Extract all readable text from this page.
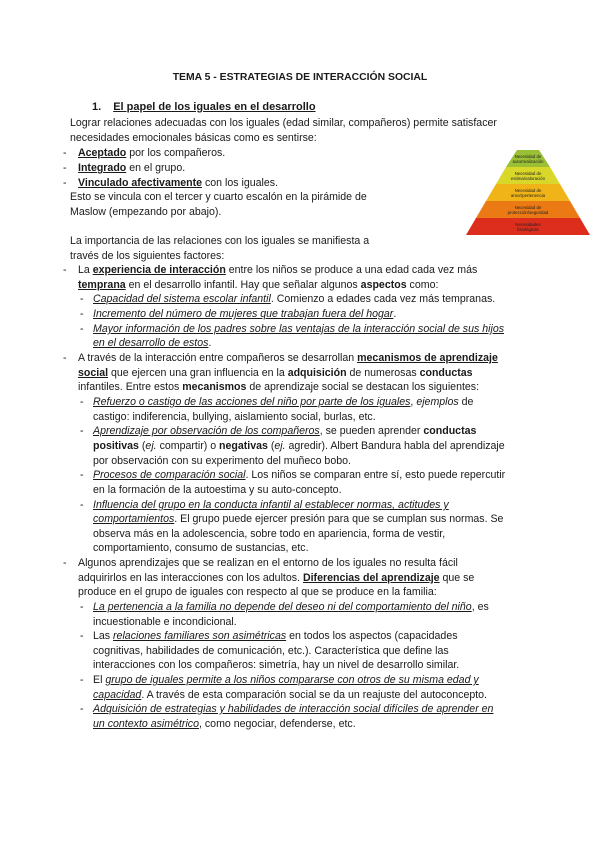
TEMA 5 - ESTRATEGIAS DE INTERACCIÓN SOCIAL
1. El papel de los iguales en el desarrollo
Lograr relaciones adecuadas con los iguales (edad similar, compañeros) permite satisfacer
necesidades emocionales básicas como es sentirse:
- Aceptado por los compañeros.
- Integrado en el grupo.
- Vinculado afectivamente con los iguales.
Esto se vincula con el tercer y cuarto escalón en la pirámide de
Maslow (empezando por abajo).
Necesidad de
autorrealización
Necesidad de
estima/valoración
Necesidad de
amor/pertenencia
Necesidad de
protección/seguridad
Necesidades
fisiológicas
La importancia de las relaciones con los iguales se manifiesta a
través de los siguientes factores:
- La experiencia de interacción entre los niños se produce a una edad cada vez más
temprana en el desarrollo infantil. Hay que señalar algunos aspectos como:
- Capacidad del sistema escolar infantil. Comienzo a edades cada vez más tempranas.
- Incremento del número de mujeres que trabajan fuera del hogar.
- Mayor información de los padres sobre las ventajas de la interacción social de sus hijos
en el desarrollo de estos.
- A través de la interacción entre compañeros se desarrollan mecanismos de aprendizaje
social que ejercen una gran influencia en la adquisición de numerosas conductas
infantiles. Entre estos mecanismos de aprendizaje social se destacan los siguientes:
- Refuerzo o castigo de las acciones del niño por parte de los iguales, ejemplos de
castigo: indiferencia, bullying, aislamiento social, burlas, etc.
- Aprendizaje por observación de los compañeros, se pueden aprender conductas
positivas (ej. compartir) o negativas (ej. agredir). Albert Bandura habla del aprendizaje
por observación con su experimento del muñeco bobo.
- Procesos de comparación social. Los niños se comparan entre sí, esto puede repercutir
en la formación de la autoestima y su auto-concepto.
- Influencia del grupo en la conducta infantil al establecer normas, actitudes y
comportamientos. El grupo puede ejercer presión para que se cumplan sus normas. Se
observa más en la adolescencia, sobre todo en apariencia, forma de vestir,
comportamiento, consumo de sustancias, etc.
- Algunos aprendizajes que se realizan en el entorno de los iguales no resulta fácil
adquirirlos en las interacciones con los adultos. Diferencias del aprendizaje que se
produce en el grupo de iguales con respecto al que se produce en la familia:
- La pertenencia a la familia no depende del deseo ni del comportamiento del niño, es
incuestionable e incondicional.
- Las relaciones familiares son asimétricas en todos los aspectos (capacidades
cognitivas, habilidades de comunicación, etc.). Característica que define las
interacciones con los compañeros: simetría, hay un nivel de desarrollo similar.
- El grupo de iguales permite a los niños compararse con otros de su misma edad y
capacidad. A través de esta comparación social se da un reajuste del autoconcepto.
- Adquisición de estrategias y habilidades de interacción social difíciles de aprender en
un contexto asimétrico, como negociar, defenderse, etc.
